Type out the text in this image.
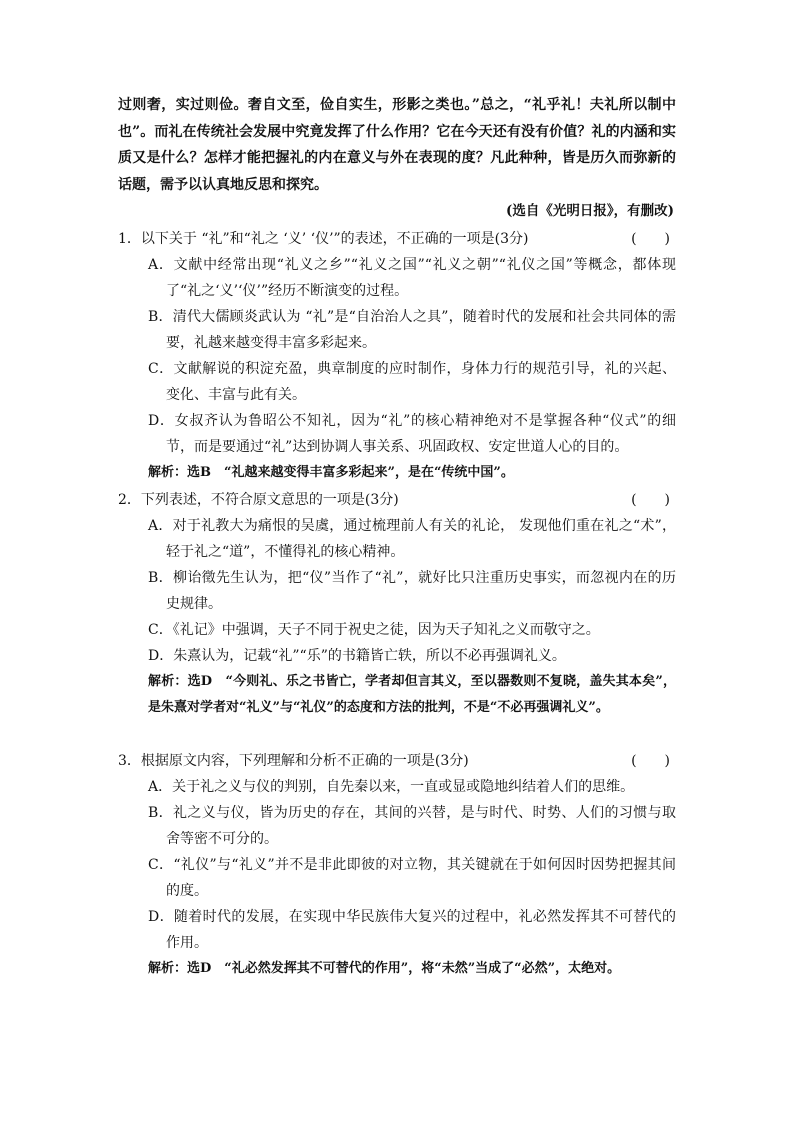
过则奢，实过则俭。奢自文至，俭自实生，形影之类也。”总之，“礼乎礼！夫礼所以制中也”。而礼在传统社会发展中究竟发挥了什么作用？它在今天还有没有价值？礼的内涵和实质又是什么？怎样才能把握礼的内在意义与外在表现的度？凡此种种，皆是历久而弥新的话题，需予以认真地反思和探究。

(选自《光明日报》，有删改)

1．以下关于 “礼”和“礼之 ‘义’ ‘仪’”的表述，不正确的一项是(3分)	(　　)

A．文献中经常出现“礼义之乡”“礼义之国”“礼义之朝”“礼仪之国”等概念，都体现了“礼之‘义’‘仪’”经历不断演变的过程。

B．清代大儒顾炎武认为 “礼”是“自治治人之具”，随着时代的发展和社会共同体的需要，礼越来越变得丰富多彩起来。

C．文献解说的积淀充盈，典章制度的应时制作，身体力行的规范引导，礼的兴起、变化、丰富与此有关。

D．女叔齐认为鲁昭公不知礼，因为“礼”的核心精神绝对不是掌握各种“仪式”的细节，而是要通过“礼”达到协调人事关系、巩固政权、安定世道人心的目的。

解析：选B　“礼越来越变得丰富多彩起来”，是在“传统中国”。

2．下列表述，不符合原文意思的一项是(3分)	(　　)

A．对于礼教大为痛恨的吴虞，通过梳理前人有关的礼论， 发现他们重在礼之“术”，轻于礼之“道”，不懂得礼的核心精神。

B．柳诒徵先生认为，把“仪”当作了“礼”，就好比只注重历史事实，而忽视内在的历史规律。

C．《礼记》中强调，天子不同于祝史之徒，因为天子知礼之义而敬守之。

D．朱熹认为，记载“礼”“乐”的书籍皆亡轶，所以不必再强调礼义。

解析：选D　“今则礼、乐之书皆亡，学者却但言其义，至以器数则不复晓，盖失其本矣”，是朱熹对学者对“礼义”与“礼仪”的态度和方法的批判，不是“不必再强调礼义”。

3．根据原文内容，下列理解和分析不正确的一项是(3分)	(　　)

A．关于礼之义与仪的判别，自先秦以来，一直或显或隐地纠结着人们的思维。

B．礼之义与仪，皆为历史的存在，其间的兴替，是与时代、时势、人们的习惯与取舍等密不可分的。

C．“礼仪”与“礼义”并不是非此即彼的对立物，其关键就在于如何因时因势把握其间的度。

D．随着时代的发展，在实现中华民族伟大复兴的过程中，礼必然发挥其不可替代的作用。

解析：选D　“礼必然发挥其不可替代的作用”，将“未然”当成了“必然”，太绝对。
